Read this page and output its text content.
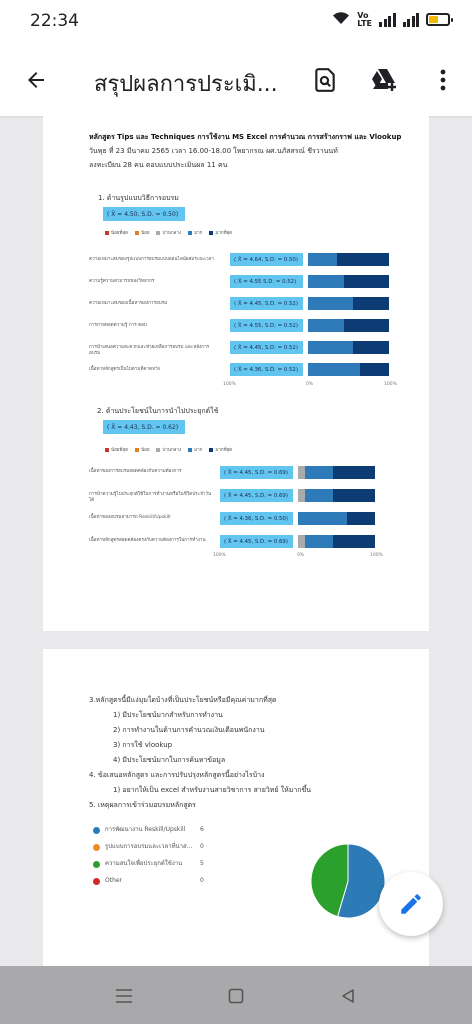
22:34	Vo
LTE
สรุปผลการประเมิ...
หลักสูตร Tips และ Techniques การใช้งาน MS Excel การคำนวณ การสร้างกราฟ และ Vlookup
วันพุธ ที่ 23 มีนาคม 2565 เวลา 16.00-18.00 ใหยากรณ ผศ.นภัสสรณ์ ชีรวานนท์
ลงทะเบียน 28 คน ตอบแบบประเมินผล 11 คน
1. ด้านรูปแบบวิธีการอบรม
( X̄ = 4.50, S.D. = 0.50)
น้อยที่สุด	น้อย	ปานกลาง	มาก	มากที่สุด
ความเหมาะสมของรูปแบบการอบรมแบบออนไลน์ผสมระยะเวลา	( X̄ = 4.64, S.D. = 0.50)
ความรู้ความสามารถของวิทยากร	( X̄ = 4.55 S.D. = 0.52)
ความเหมาะสมของเนื้อหาของการอบรม	( X̄ = 4.45, S.D. = 0.52)
การถ่ายทอดความรู้ การ ตอบ	( X̄ = 4.55, S.D. = 0.52)
การนำเสนอความสะดวกและช่วยเหลือการอบรม และหลังการอบรม
( X̄ = 4.45, S.D. = 0.52)
เนื้อหาหลักสูตรเป็นไปตามที่คาดหวัง	( X̄ = 4.36, S.D. = 0.52)
100%	0%	100%
2. ด้านประโยชน์ในการนำไปประยุกต์ใช้
( X̄ = 4.43, S.D. = 0.62)
น้อยที่สุด	น้อย	ปานกลาง	มาก	มากที่สุด
เนื้อหาของการอบรมสอดคล้องกับความต้องการ	( X̄ = 4.45, S.D. = 0.69)
การนำความรู้ไปประยุกต์ใช้ในการทำงานหรือในชีวิตประจำวันได้
( X̄ = 4.45, S.D. = 0.69)
เนื้อหาของอบรมสามารถ Reskill/Upskill	( X̄ = 4.36, S.D. = 0.50)
เนื้อหาหลักสูตรสอดคล้องตรงกับความต้องการในการทำงาน	( X̄ = 4.45, S.D. = 0.69)
100%	0%	100%
3.หลักสูตรนี้มีแง่มุมใดบ้างที่เป็นประโยชน์หรือมีคุณค่ามากที่สุด
1) มีประโยชน์มากสำหรับการทำงาน
2) การทำงานในด้านการคำนวณเงินเดือนพนักงาน
3) การใช้ vlookup
4) มีประโยชน์มากในการค้นหาข้อมูล
4. ข้อเสนอหลักสูตร และการปรับปรุงหลักสูตรนี้อย่างไรบ้าง
1) อยากให้เป็น excel สำหรับงานสายวิชาการ สายวิทย์ ให้มากขึ้น
5. เหตุผลการเข้าร่วมอบรมหลักสูตร
การพัฒนางาน Reskill/Upskill 6
รูปแบบการอบรมและเวลาที่น่าส... 0
ความสนใจเพื่อประยุกต์ใช้งาน	5
Other	0
